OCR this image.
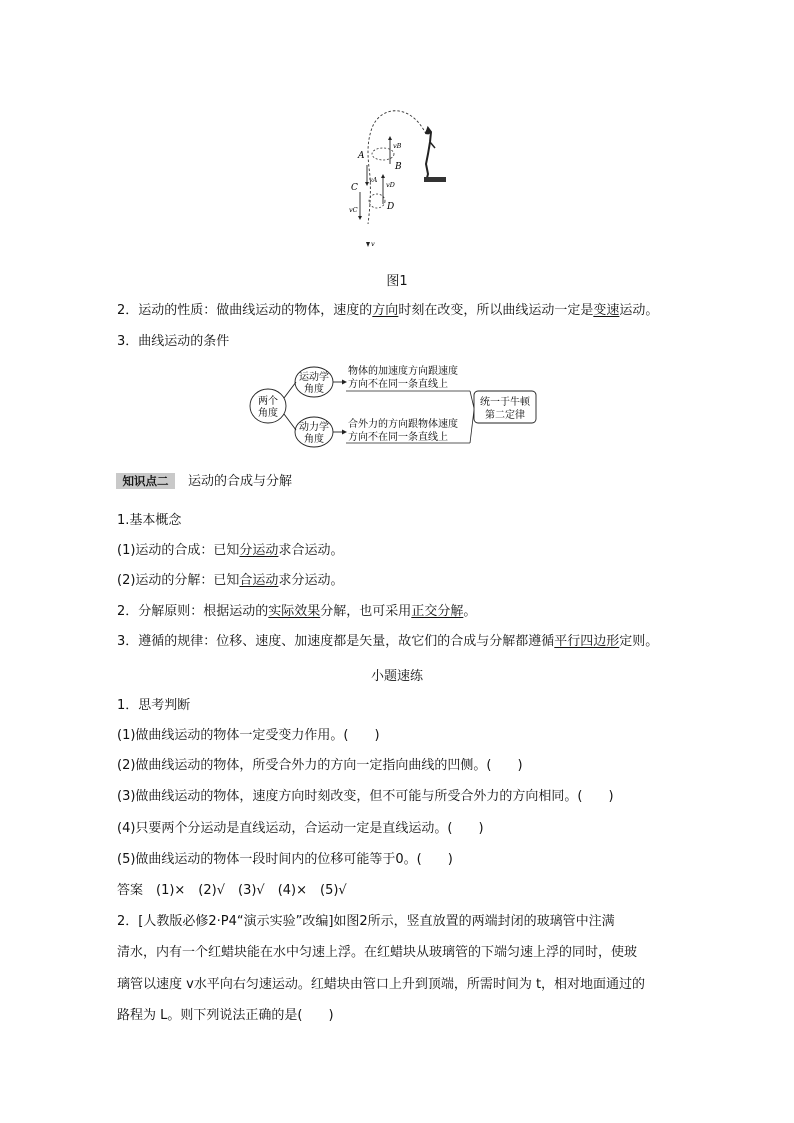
A
B
C
D
vB
vA
vD
vC
v
图1
2．运动的性质：做曲线运动的物体，速度的方向时刻在改变，所以曲线运动一定是变速运动。
3．曲线运动的条件
两个
角度
运动学
角度
动力学
角度
物体的加速度方向跟速度
方向不在同一条直线上
合外力的方向跟物体速度
方向不在同一条直线上
统一于牛顿
第二定律
知识点二	运动的合成与分解
1.基本概念
(1)运动的合成：已知分运动求合运动。
(2)运动的分解：已知合运动求分运动。
2．分解原则：根据运动的实际效果分解，也可采用正交分解。
3．遵循的规律：位移、速度、加速度都是矢量，故它们的合成与分解都遵循平行四边形定则。
小题速练
1．思考判断
(1)做曲线运动的物体一定受变力作用。(　　)
(2)做曲线运动的物体，所受合外力的方向一定指向曲线的凹侧。(　　)
(3)做曲线运动的物体，速度方向时刻改变，但不可能与所受合外力的方向相同。(　　)
(4)只要两个分运动是直线运动，合运动一定是直线运动。(　　)
(5)做曲线运动的物体一段时间内的位移可能等于0。(　　)
答案　(1)×　(2)√　(3)√　(4)×　(5)√
2．[人教版必修2·P4“演示实验”改编]如图2所示，竖直放置的两端封闭的玻璃管中注满
清水，内有一个红蜡块能在水中匀速上浮。在红蜡块从玻璃管的下端匀速上浮的同时，使玻
璃管以速度 v水平向右匀速运动。红蜡块由管口上升到顶端，所需时间为 t，相对地面通过的
路程为 L。则下列说法正确的是(　　)
